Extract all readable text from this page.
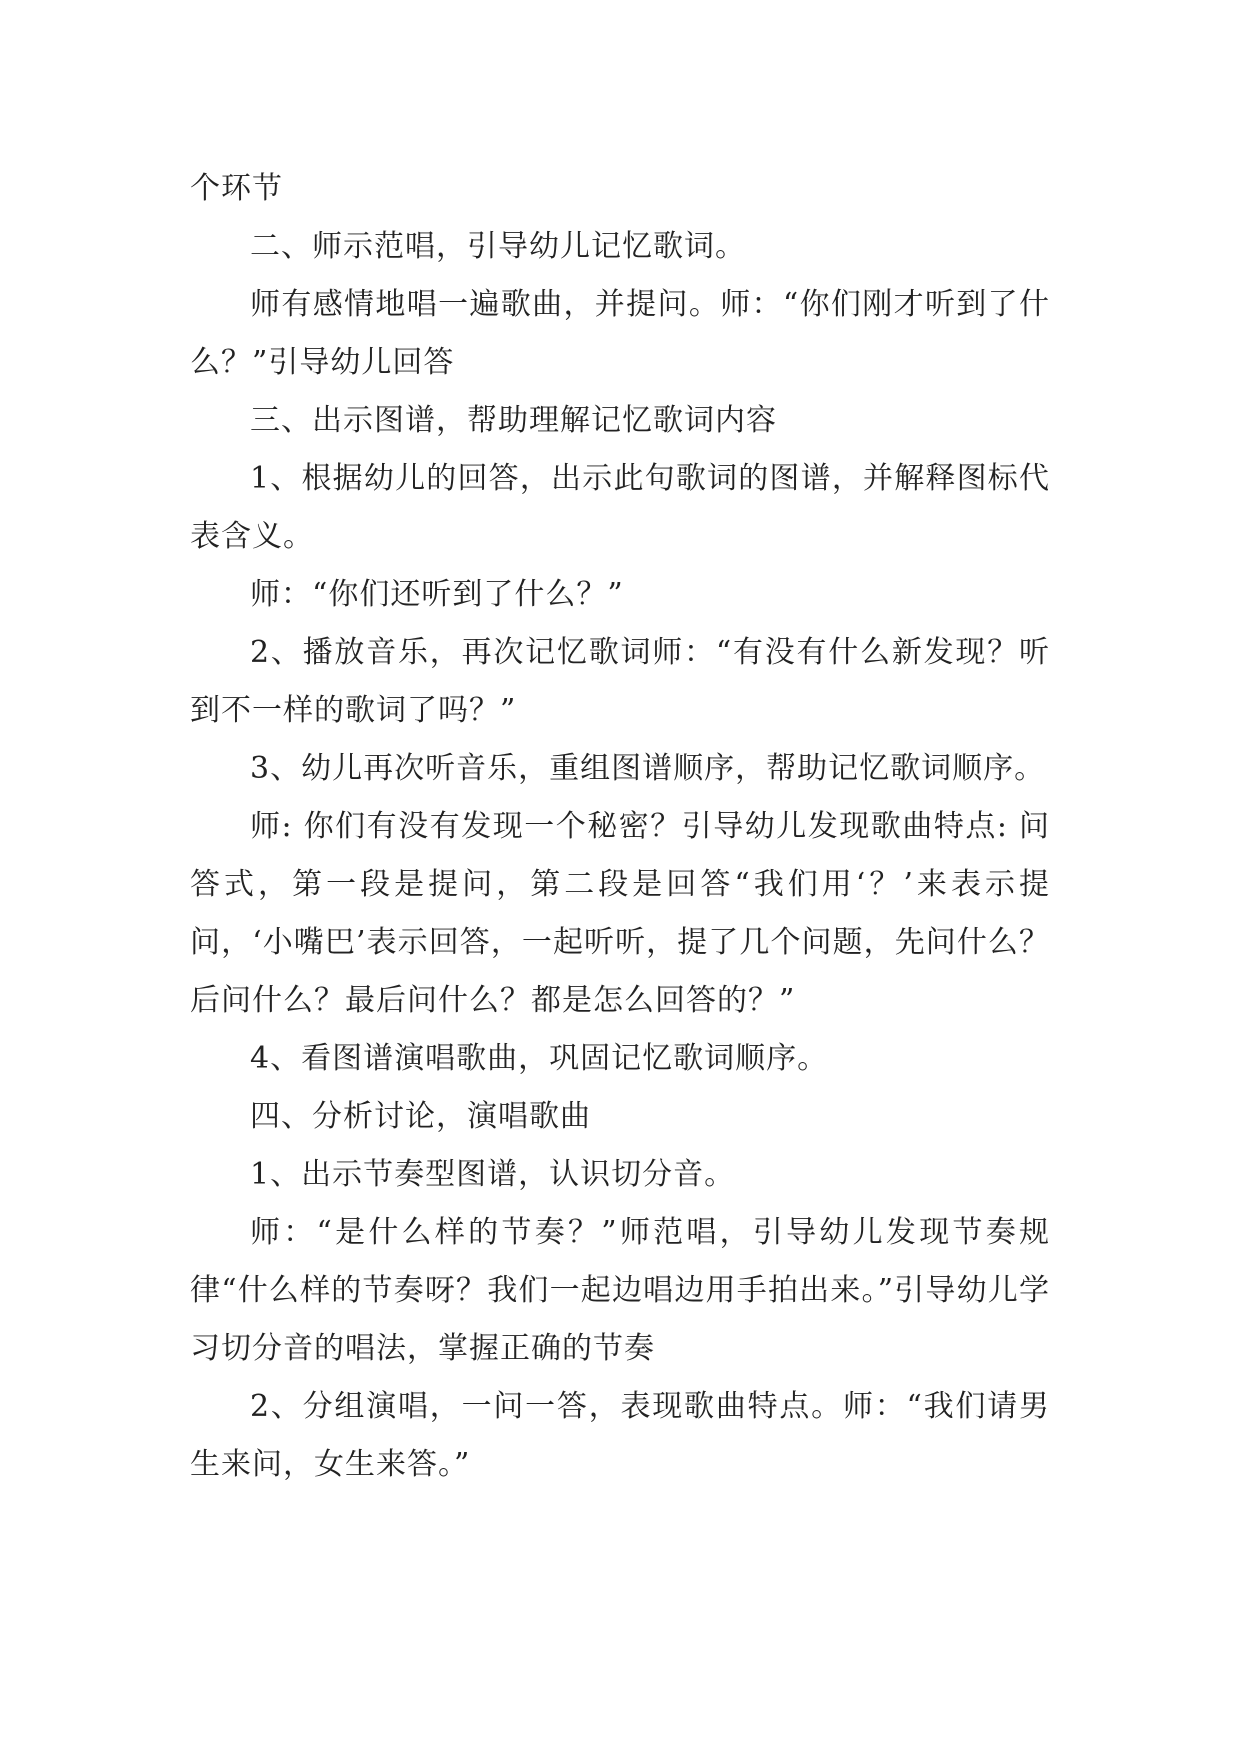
个环节

二、师示范唱，引导幼儿记忆歌词。

师有感情地唱一遍歌曲，并提问。师：“你们刚才听到了什么？”引导幼儿回答

三、出示图谱，帮助理解记忆歌词内容

1、根据幼儿的回答，出示此句歌词的图谱，并解释图标代表含义。

师：“你们还听到了什么？”

2、播放音乐，再次记忆歌词师：“有没有什么新发现？听到不一样的歌词了吗？”

3、幼儿再次听音乐，重组图谱顺序，帮助记忆歌词顺序。

师: 你们有没有发现一个秘密？引导幼儿发现歌曲特点: 问答式，第一段是提问，第二段是回答“我们用‘？’来表示提问，‘小嘴巴’表示回答，一起听听，提了几个问题，先问什么？后问什么？最后问什么？都是怎么回答的？”

4、看图谱演唱歌曲，巩固记忆歌词顺序。

四、分析讨论，演唱歌曲

1、出示节奏型图谱，认识切分音。

师：“是什么样的节奏？”师范唱，引导幼儿发现节奏规律“什么样的节奏呀？我们一起边唱边用手拍出来。”引导幼儿学习切分音的唱法，掌握正确的节奏

2、分组演唱，一问一答，表现歌曲特点。师：“我们请男生来问，女生来答。”
